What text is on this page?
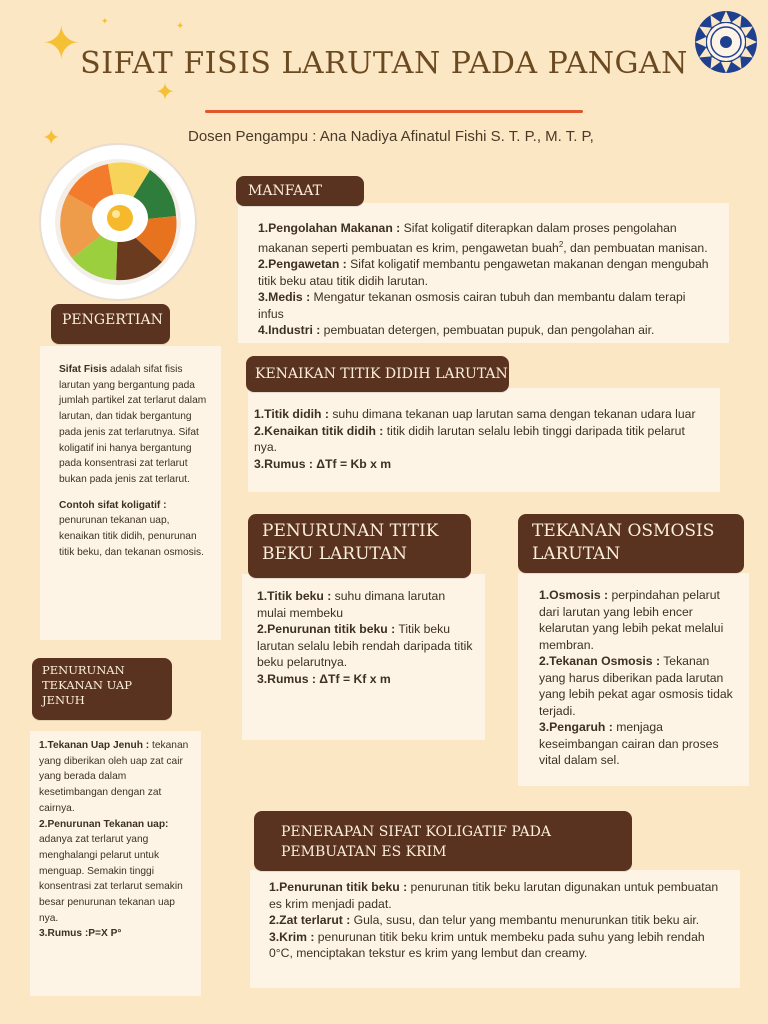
✦
✦
✦
✦
✦
SIFAT FISIS LARUTAN PADA PANGAN
Dosen Pengampu : Ana Nadiya Afinatul Fishi S. T. P., M. T. P,

1.Pengolahan Makanan : Sifat koligatif diterapkan dalam proses pengolahan makanan seperti pembuatan es krim, pengawetan buah$^2$, dan pembuatan manisan.

2.Pengawetan : Sifat koligatif membantu pengawetan makanan dengan mengubah titik beku atau titik didih larutan.

3.Medis : Mengatur tekanan osmosis cairan tubuh dan membantu dalam terapi infus

4.Industri : pembuatan detergen, pembuatan pupuk, dan pengolahan air.

MANFAAT
PENGERTIAN

Sifat Fisis adalah sifat fisis larutan yang bergantung pada jumlah partikel zat terlarut dalam larutan, dan tidak bergantung pada jenis zat terlarutnya. Sifat koligatif ini hanya bergantung pada konsentrasi zat terlarut bukan pada jenis zat terlarut.

Contoh sifat koligatif :

penurunan tekanan uap, kenaikan titik didih, penurunan titik beku, dan tekanan osmosis.

1.Titik didih : suhu dimana tekanan uap larutan sama dengan tekanan udara luar

2.Kenaikan titik didih : titik didih larutan selalu lebih tinggi daripada titik pelarut nya.

3.Rumus : ΔTf = Kb x m

KENAIKAN TITIK DIDIH LARUTAN

1.Titik beku : suhu dimana larutan mulai membeku

2.Penurunan titik beku : Titik beku larutan selalu lebih rendah daripada titik beku pelarutnya.

3.Rumus : ΔTf = Kf x m

PENURUNAN TITIK BEKU LARUTAN

1.Osmosis : perpindahan pelarut dari larutan yang lebih encer kelarutan yang lebih pekat melalui membran.

2.Tekanan Osmosis : Tekanan yang harus diberikan pada larutan yang lebih pekat agar osmosis tidak terjadi.

3.Pengaruh : menjaga keseimbangan cairan dan proses vital dalam sel.

TEKANAN OSMOSIS LARUTAN
PENURUNAN TEKANAN UAP JENUH

1.Tekanan Uap Jenuh : tekanan yang diberikan oleh uap zat cair yang berada dalam kesetimbangan dengan zat cairnya.

2.Penurunan Tekanan uap: adanya zat terlarut yang menghalangi pelarut untuk menguap. Semakin tinggi konsentrasi zat terlarut semakin besar penurunan tekanan uap nya.

3.Rumus :P=X P°

1.Penurunan titik beku : penurunan titik beku larutan digunakan untuk pembuatan es krim menjadi padat.

2.Zat terlarut : Gula, susu, dan telur yang membantu menurunkan titik beku air.

3.Krim : penurunan titik beku krim untuk membeku pada suhu yang lebih rendah 0°C, menciptakan tekstur es krim yang lembut dan creamy.

PENERAPAN SIFAT KOLIGATIF PADA PEMBUATAN ES KRIM
